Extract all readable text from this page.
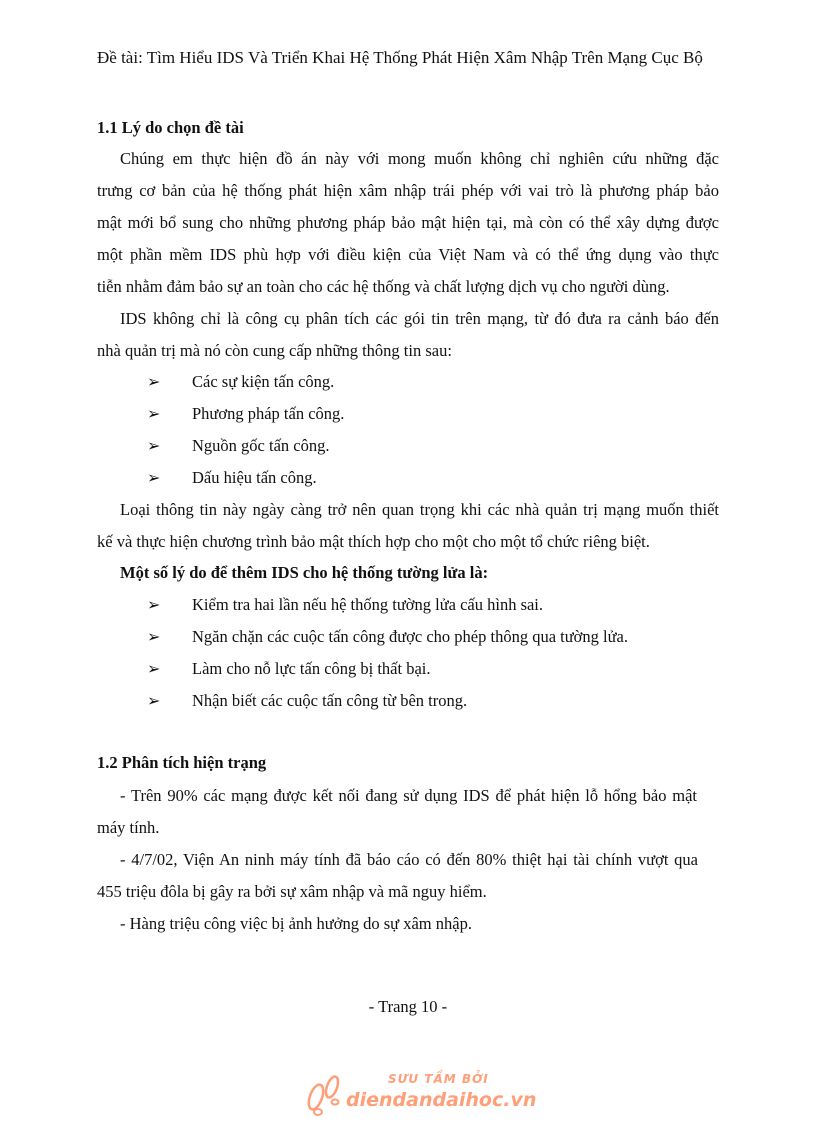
Đề tài: Tìm Hiểu IDS Và Triển Khai Hệ Thống Phát Hiện Xâm Nhập Trên Mạng Cục Bộ
1.1 Lý do chọn đề tài
Chúng em thực hiện đồ án này với mong muốn không chỉ nghiên cứu những đặc
trưng cơ bản của hệ thống phát hiện xâm nhập trái phép với vai trò là phương pháp bảo
mật mới bổ sung cho những phương pháp bảo mật hiện tại, mà còn có thể xây dựng được
một phần mềm IDS phù hợp với điều kiện của Việt Nam và có thể ứng dụng vào thực
tiễn nhằm đảm bảo sự an toàn cho các hệ thống và chất lượng dịch vụ cho người dùng.
IDS không chỉ là công cụ phân tích các gói tin trên mạng, từ đó đưa ra cảnh báo đến
nhà quản trị mà nó còn cung cấp những thông tin sau:
➢ Các sự kiện tấn công.
➢ Phương pháp tấn công.
➢ Nguồn gốc tấn công.
➢ Dấu hiệu tấn công.
Loại thông tin này ngày càng trở nên quan trọng khi các nhà quản trị mạng muốn thiết
kế và thực hiện chương trình bảo mật thích hợp cho một cho một tổ chức riêng biệt.
Một số lý do để thêm IDS cho hệ thống tường lửa là:
➢ Kiểm tra hai lần nếu hệ thống tường lửa cấu hình sai.
➢ Ngăn chặn các cuộc tấn công được cho phép thông qua tường lửa.
➢ Làm cho nỗ lực tấn công bị thất bại.
➢ Nhận biết các cuộc tấn công từ bên trong.
1.2 Phân tích hiện trạng
- Trên 90% các mạng được kết nối đang sử dụng IDS để phát hiện lỗ hổng bảo mật
máy tính.
- 4/7/02, Viện An ninh máy tính đã báo cáo có đến 80% thiệt hại tài chính vượt qua
455 triệu đôla bị gây ra bởi sự xâm nhập và mã nguy hiểm.
- Hàng triệu công việc bị ảnh hưởng do sự xâm nhập.
- Trang 10 -
SƯU TẦM BỞI
diendandaihoc.vn
